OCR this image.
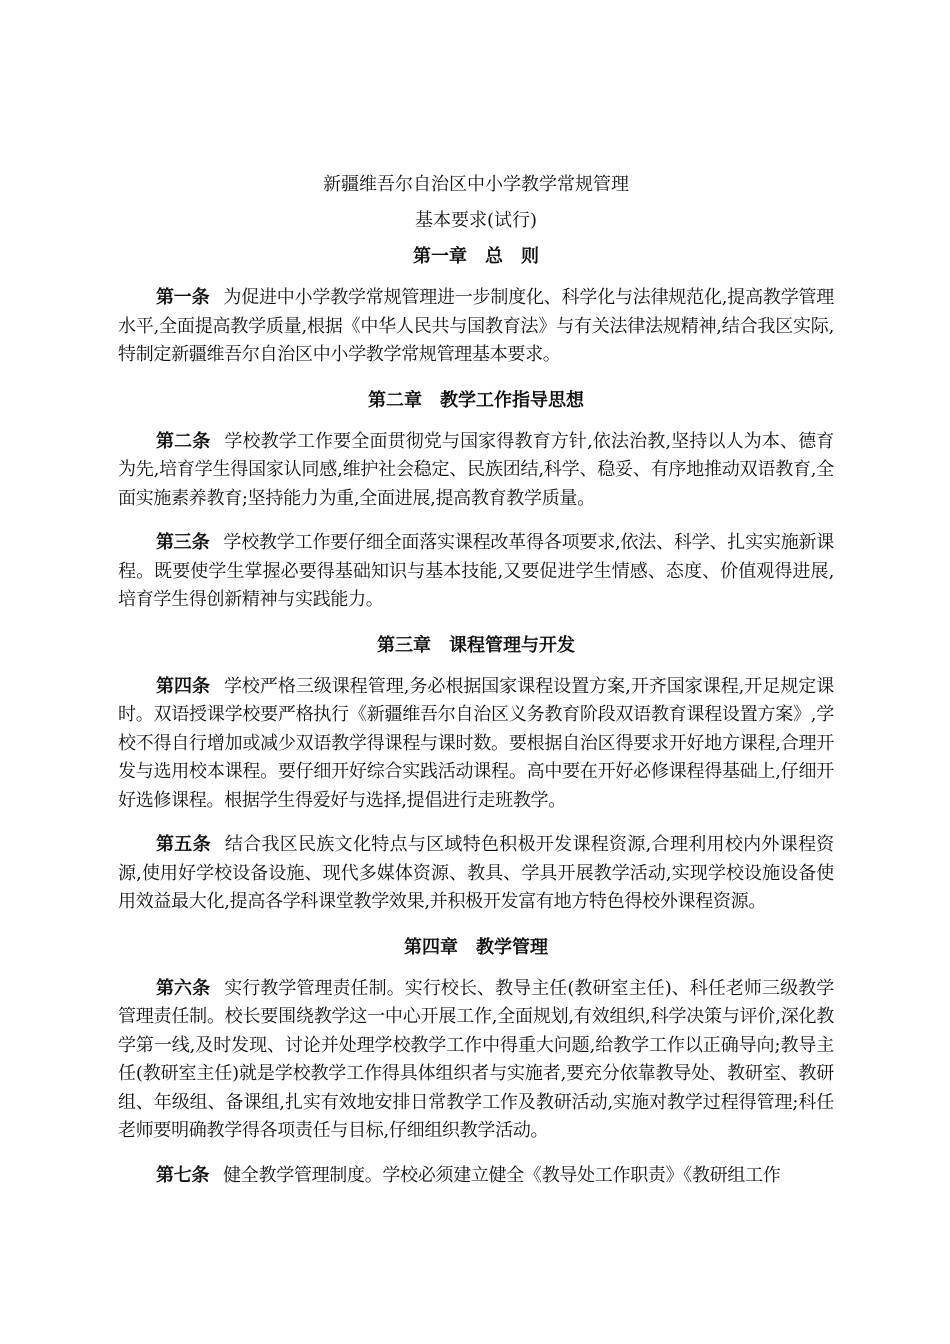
新疆维吾尔自治区中小学教学常规管理

基本要求(试行)

第一章　总　则

第一条 为促进中小学教学常规管理进一步制度化、科学化与法律规范化,提高教学管理水平,全面提高教学质量,根据《中华人民共与国教育法》与有关法律法规精神,结合我区实际,特制定新疆维吾尔自治区中小学教学常规管理基本要求。

第二章　教学工作指导思想

第二条 学校教学工作要全面贯彻党与国家得教育方针,依法治教,坚持以人为本、德育为先,培育学生得国家认同感,维护社会稳定、民族团结,科学、稳妥、有序地推动双语教育,全面实施素养教育;坚持能力为重,全面进展,提高教育教学质量。

第三条 学校教学工作要仔细全面落实课程改革得各项要求,依法、科学、扎实实施新课程。既要使学生掌握必要得基础知识与基本技能,又要促进学生情感、态度、价值观得进展,培育学生得创新精神与实践能力。

第三章　课程管理与开发

第四条 学校严格三级课程管理,务必根据国家课程设置方案,开齐国家课程,开足规定课时。双语授课学校要严格执行《新疆维吾尔自治区义务教育阶段双语教育课程设置方案》,学校不得自行增加或减少双语教学得课程与课时数。要根据自治区得要求开好地方课程,合理开发与选用校本课程。要仔细开好综合实践活动课程。高中要在开好必修课程得基础上,仔细开好选修课程。根据学生得爱好与选择,提倡进行走班教学。

第五条 结合我区民族文化特点与区域特色积极开发课程资源,合理利用校内外课程资源,使用好学校设备设施、现代多媒体资源、教具、学具开展教学活动,实现学校设施设备使用效益最大化,提高各学科课堂教学效果,并积极开发富有地方特色得校外课程资源。

第四章　教学管理

第六条 实行教学管理责任制。实行校长、教导主任(教研室主任)、科任老师三级教学管理责任制。校长要围绕教学这一中心开展工作,全面规划,有效组织,科学决策与评价,深化教学第一线,及时发现、讨论并处理学校教学工作中得重大问题,给教学工作以正确导向;教导主任(教研室主任)就是学校教学工作得具体组织者与实施者,要充分依靠教导处、教研室、教研组、年级组、备课组,扎实有效地安排日常教学工作及教研活动,实施对教学过程得管理;科任老师要明确教学得各项责任与目标,仔细组织教学活动。

第七条 健全教学管理制度。学校必须建立健全《教导处工作职责》《教研组工作
